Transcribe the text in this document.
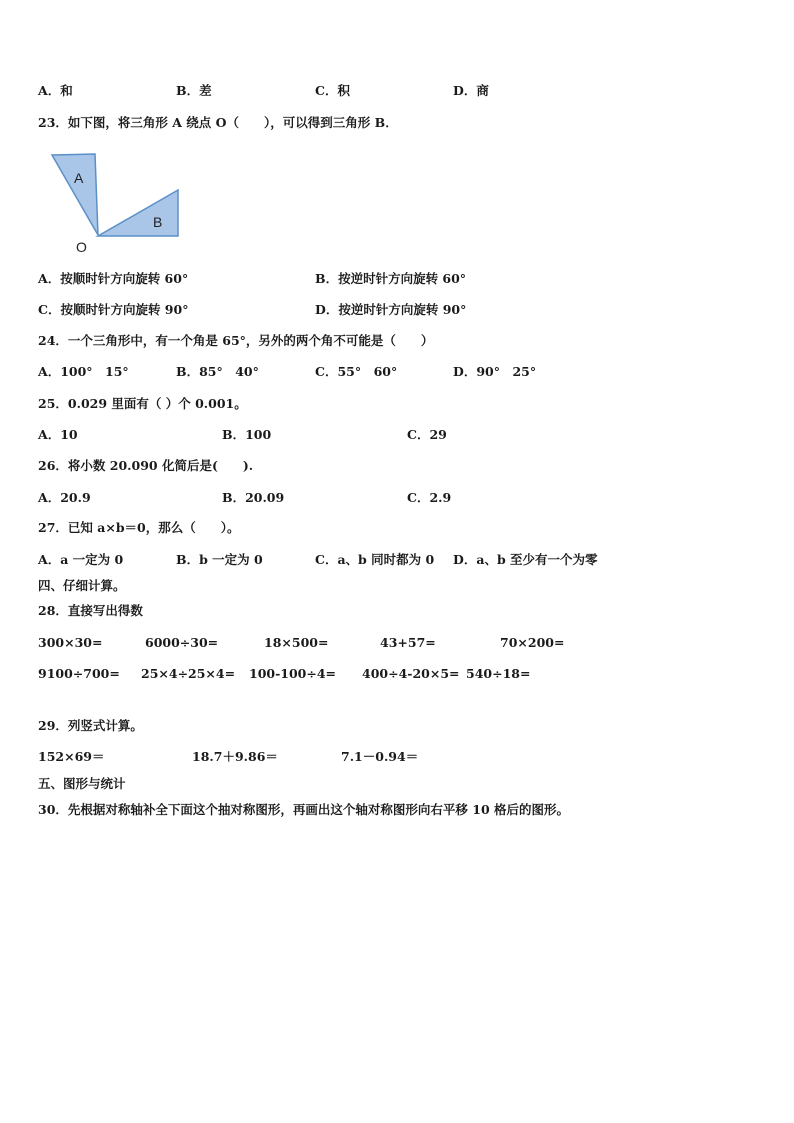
A．和	B．差	C．积	D．商
23．如下图，将三角形 A 绕点 O（　　），可以得到三角形 B．
A
B
O
A．按顺时针方向旋转 60°	B．按逆时针方向旋转 60°
C．按顺时针方向旋转 90°	D．按逆时针方向旋转 90°
24．一个三角形中，有一个角是 65°，另外的两个角不可能是（　　）
A．100°　15°	B．85°　40°	C．55°　60°	D．90°　25°
25．0.029 里面有（ ）个 0.001。
A．10	B．100	C．29
26．将小数 20.090 化简后是(　　).
A．20.9	B．20.09	C．2.9
27．已知 a×b＝0，那么（　　）。
A．a 一定为 0	B．b 一定为 0	C．a、b 同时都为 0 D．a、b 至少有一个为零
四、仔细计算。
28．直接写出得数
300×30=	6000÷30=	18×500=	43+57=	70×200=
9100÷700= 25×4÷25×4= 100-100÷4= 400÷4-20×5= 540÷18=
29．列竖式计算。
152×69＝	18.7＋9.86＝	7.1－0.94＝
五、图形与统计
30．先根据对称轴补全下面这个抽对称图形，再画出这个轴对称图形向右平移 10 格后的图形。
